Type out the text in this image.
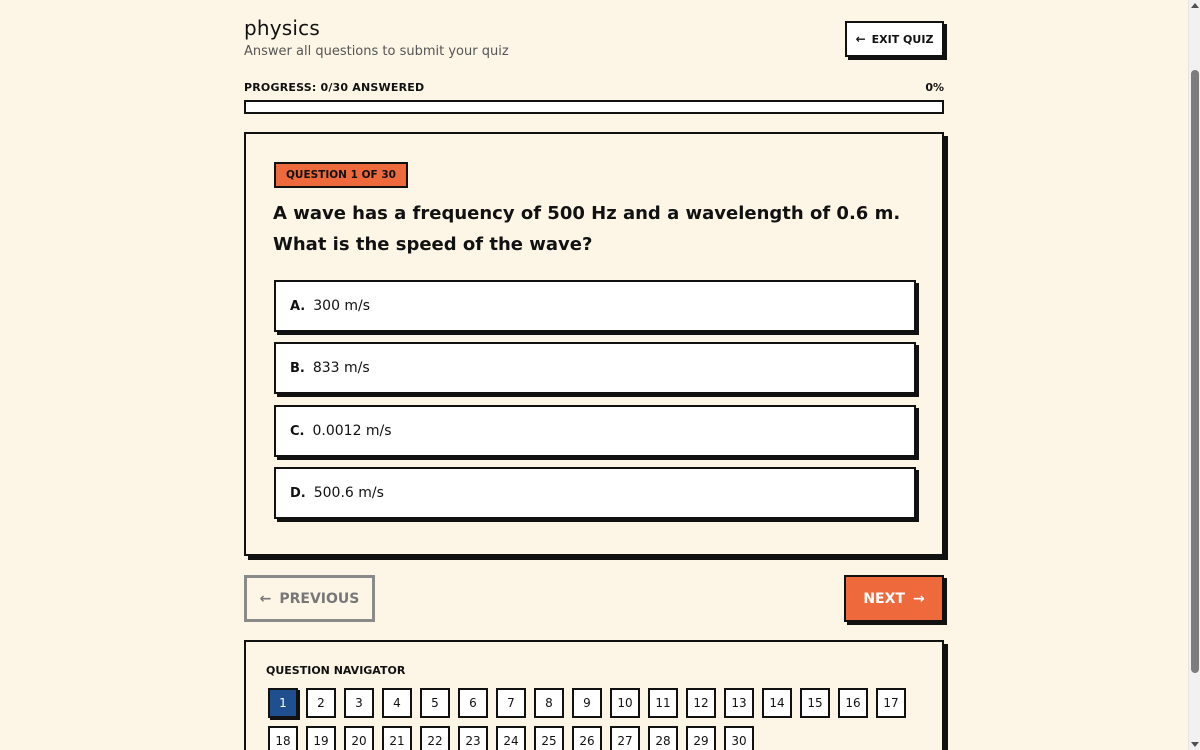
physics
Answer all questions to submit your quiz
← EXIT QUIZ
PROGRESS: 0/30 ANSWERED	0%
QUESTION 1 OF 30
A wave has a frequency of 500 Hz and a wavelength of 0.6 m. What is the speed of the wave?
A. 300 m/s
B. 833 m/s
C. 0.0012 m/s
D. 500.6 m/s
← PREVIOUS	NEXT →
QUESTION NAVIGATOR
1	2	3	4	5	6	7	8	9	10	11	12	13	14	15	16	17
18	19	20	21	22	23	24	25	26	27	28	29	30
